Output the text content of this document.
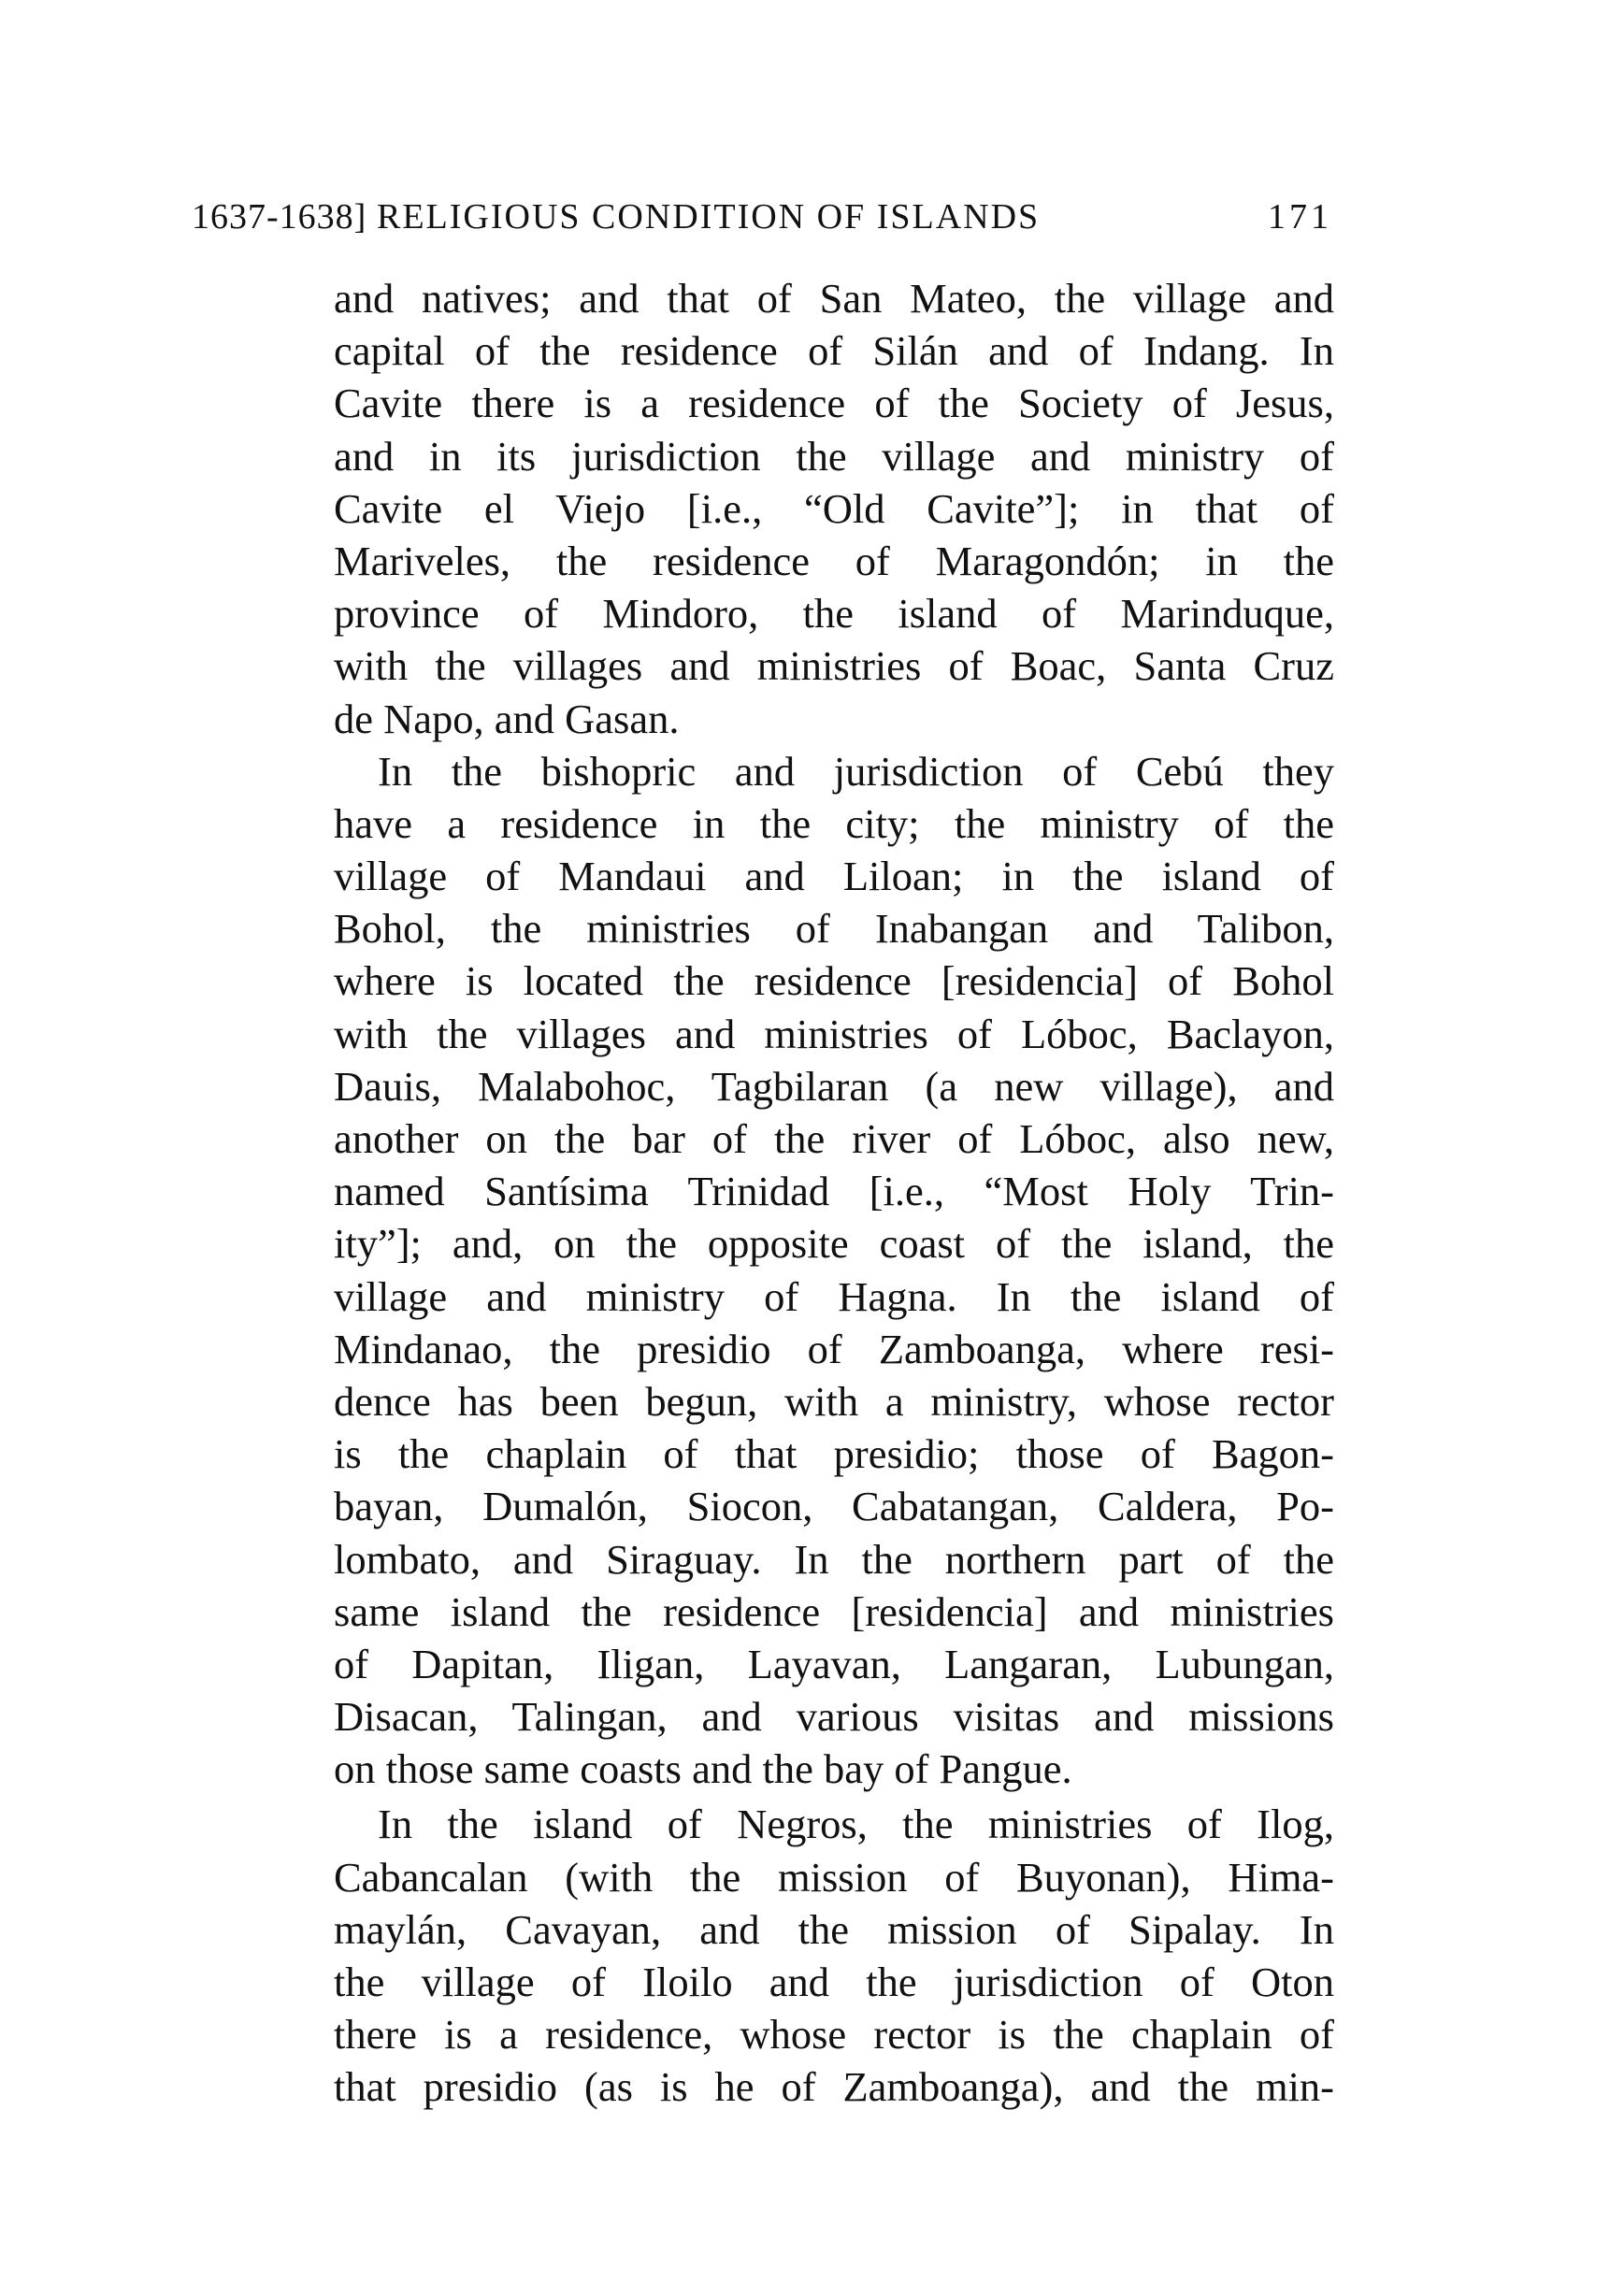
1637-1638] RELIGIOUS CONDITION OF ISLANDS	171
and natives; and that of San Mateo, the village and
capital of the residence of Silán and of Indang. In
Cavite there is a residence of the Society of Jesus,
and in its jurisdiction the village and ministry of
Cavite el Viejo [i.e., “Old Cavite”]; in that of
Mariveles, the residence of Maragondón; in the
province of Mindoro, the island of Marinduque,
with the villages and ministries of Boac, Santa Cruz
de Napo, and Gasan.
In the bishopric and jurisdiction of Cebú they
have a residence in the city; the ministry of the
village of Mandaui and Liloan; in the island of
Bohol, the ministries of Inabangan and Talibon,
where is located the residence [residencia] of Bohol
with the villages and ministries of Lóboc, Baclayon,
Dauis, Malabohoc, Tagbilaran (a new village), and
another on the bar of the river of Lóboc, also new,
named Santísima Trinidad [i.e., “Most Holy Trin-
ity”]; and, on the opposite coast of the island, the
village and ministry of Hagna. In the island of
Mindanao, the presidio of Zamboanga, where resi-
dence has been begun, with a ministry, whose rector
is the chaplain of that presidio; those of Bagon-
bayan, Dumalón, Siocon, Cabatangan, Caldera, Po-
lombato, and Siraguay. In the northern part of the
same island the residence [residencia] and ministries
of Dapitan, Iligan, Layavan, Langaran, Lubungan,
Disacan, Talingan, and various visitas and missions
on those same coasts and the bay of Pangue.
In the island of Negros, the ministries of Ilog,
Cabancalan (with the mission of Buyonan), Hima-
maylán, Cavayan, and the mission of Sipalay. In
the village of Iloilo and the jurisdiction of Oton
there is a residence, whose rector is the chaplain of
that presidio (as is he of Zamboanga), and the min-
